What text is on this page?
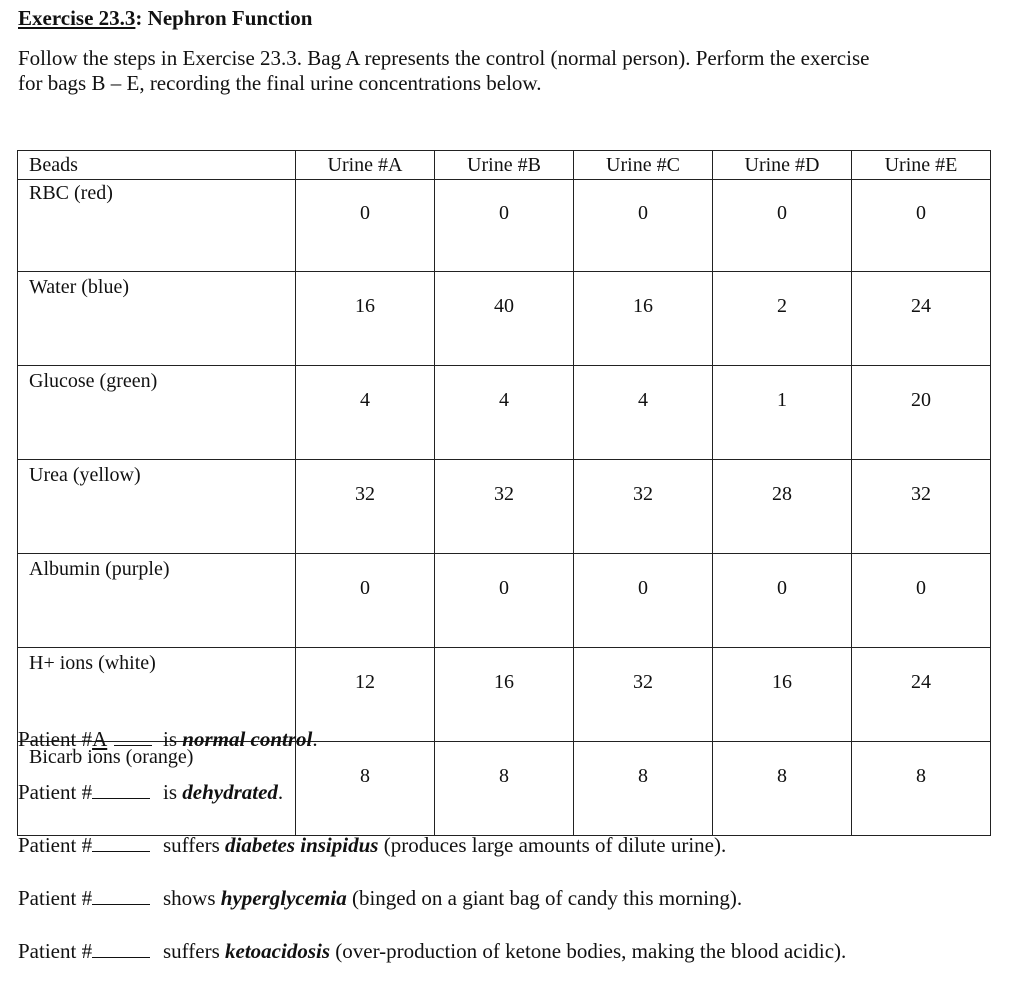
Exercise 23.3: Nephron Function
Follow the steps in Exercise 23.3. Bag A represents the control (normal person). Perform the exercise
for bags B – E, recording the final urine concentrations below.
Beads	Urine #A	Urine #B	Urine #C	Urine #D	Urine #E
RBC (red)	0	0	0	0	0
Water (blue)	16	40	16	2	24
Glucose (green)	4	4	4	1	20
Urea (yellow)	32	32	32	28	32
Albumin (purple)	0	0	0	0	0
H+ ions (white)	12	16	32	16	24
Bicarb ions (orange)	8	8	8	8	8
Patient #A	is normal control.
Patient #	is dehydrated.
Patient #	suffers diabetes insipidus (produces large amounts of dilute urine).
Patient #	shows hyperglycemia (binged on a giant bag of candy this morning).
Patient #	suffers ketoacidosis (over-production of ketone bodies, making the blood acidic).
